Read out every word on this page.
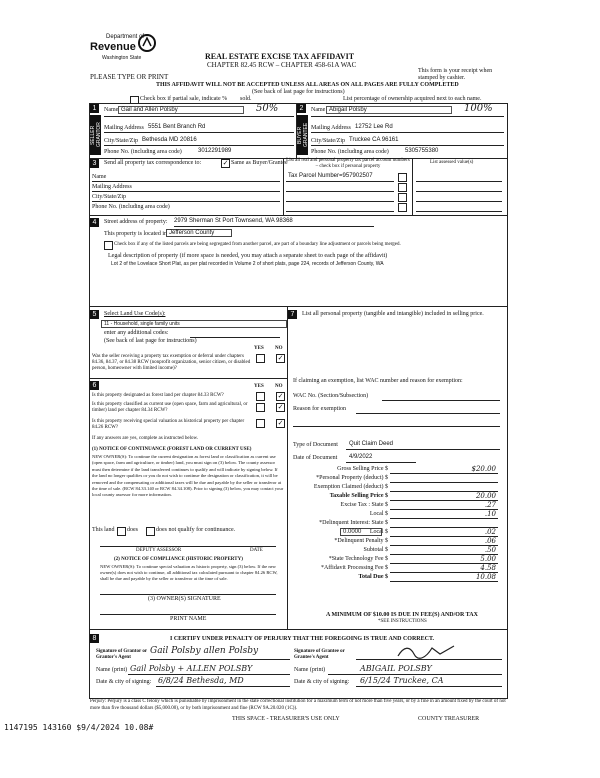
Department of
Revenue
Washington State	REAL ESTATE EXCISE TAX AFFIDAVIT
CHAPTER 82.45 RCW – CHAPTER 458-61A WAC
PLEASE TYPE OR PRINT
This form is your receipt when stamped by cashier.
THIS AFFIDAVIT WILL NOT BE ACCEPTED UNLESS ALL AREAS ON ALL PAGES ARE FULLY COMPLETED
(See back of last page for instructions)
Check box if partial sale, indicate % sold.	List percentage of ownership acquired next to each name.
1	2
SELLER GRANTOR	BUYER GRANTEE
Name Gail and Allen Polsby	50%
Mailing Address 5551 Bent Branch Rd
City/State/Zip Bethesda MD 20816
Phone No. (including area code)	3012291989
Name Abigail Polsby	100%
Mailing Address 12752 Lee Rd
City/State/Zip Truckee CA 96161
Phone No. (including area code)	5305755380
3	Send all property tax correspondence to:	✓ Same as Buyer/Grantee
List all real and personal property tax parcel account numbers – check box if personal property
List assessed value(s)
Tax Parcel Number=957902507
Name
Mailing Address
City/State/Zip
Phone No. (including area code)
4	Street address of property: 2979 Sherman St Port Townsend, WA 98368
This property is located in Jefferson County
Check box if any of the listed parcels are being segregated from another parcel, are part of a boundary line adjustment or parcels being merged.
Legal description of property (if more space is needed, you may attach a separate sheet to each page of the affidavit)
Lot 2 of the Lovelace Short Plat, as per plat recorded in Volume 2 of short plats, page 224, records of Jefferson County, WA
5	Select Land Use Code(s):
11 - Household, single family units
enter any additional codes:
(See back of last page for instructions)
YES NO
Was the seller receiving a property tax exemption or deferral under chapters 84.36, 84.37, or 84.38 RCW (nonprofit organization, senior citizen, or disabled person, homeowner with limited income)?
✓
6	YES NO
Is this property designated as forest land per chapter 84.33 RCW?	✓
Is this property classified as current use (open space, farm and agricultural, or timber) land per chapter 84.34 RCW?	✓
Is this property receiving special valuation as historical property per chapter 84.26 RCW?
✓
If any answers are yes, complete as instructed below.
(1) NOTICE OF CONTINUANCE (FOREST LAND OR CURRENT USE)
NEW OWNER(S): To continue the current designation as forest land or classification as current use (open space, farm and agriculture, or timber) land, you must sign on (3) below. The county assessor must then determine if the land transferred continues to qualify and will indicate by signing below. If the land no longer qualifies or you do not wish to continue the designation or classification, it will be removed and the compensating or additional taxes will be due and payable by the seller or transferor at the time of sale. (RCW 84.33.140 or RCW 84.34.108). Prior to signing (3) below, you may contact your local county assessor for more information.
This land does	does not qualify for continuance.
DEPUTY ASSESSOR	DATE
(2) NOTICE OF COMPLIANCE (HISTORIC PROPERTY)
NEW OWNER(S): To continue special valuation as historic property, sign (3) below. If the new owner(s) does not wish to continue, all additional tax calculated pursuant to chapter 84.26 RCW, shall be due and payable by the seller or transferor at the time of sale.
(3) OWNER(S) SIGNATURE
PRINT NAME
7	List all personal property (tangible and intangible) included in selling price.
If claiming an exemption, list WAC number and reason for exemption:
WAC No. (Section/Subsection)
Reason for exemption
Type of Document Quit Claim Deed
Date of Document 4/9/2022
Gross Selling Price $	$20.00
*Personal Property (deduct) $
Exemption Claimed (deduct) $
Taxable Selling Price $	20.00
Excise Tax : State $	.27
Local $	.10
*Delinquent Interest: State $
Local $	.02
*Delinquent Penalty $	.06
Subtotal $	.50
*State Technology Fee $	5.00
*Affidavit Processing Fee $	4.58
Total Due $	10.08
0.0000
A MINIMUM OF $10.00 IS DUE IN FEE(S) AND/OR TAX
*SEE INSTRUCTIONS
8	I CERTIFY UNDER PENALTY OF PERJURY THAT THE FOREGOING IS TRUE AND CORRECT.
Signature of Grantor or Grantor's Agent
Gail Polsby allen Polsby
Name (print) Gail Polsby + ALLEN POLSBY
Date & city of signing: 6/8/24 Bethesda, MD
Signature of Grantee or Grantee's Agent
Name (print)	ABIGAIL POLSBY
Date & city of signing: 6/15/24 Truckee, CA
Perjury: Perjury is a class C felony which is punishable by imprisonment in the state correctional institution for a maximum term of not more than five years, or by a fine in an amount fixed by the court of not more than five thousand dollars ($5,000.00), or by both imprisonment and fine (RCW 9A.20.020 (1C)).
1147195 143160 $9/4/2024 10.08#
THIS SPACE - TREASURER'S USE ONLY	COUNTY TREASURER
